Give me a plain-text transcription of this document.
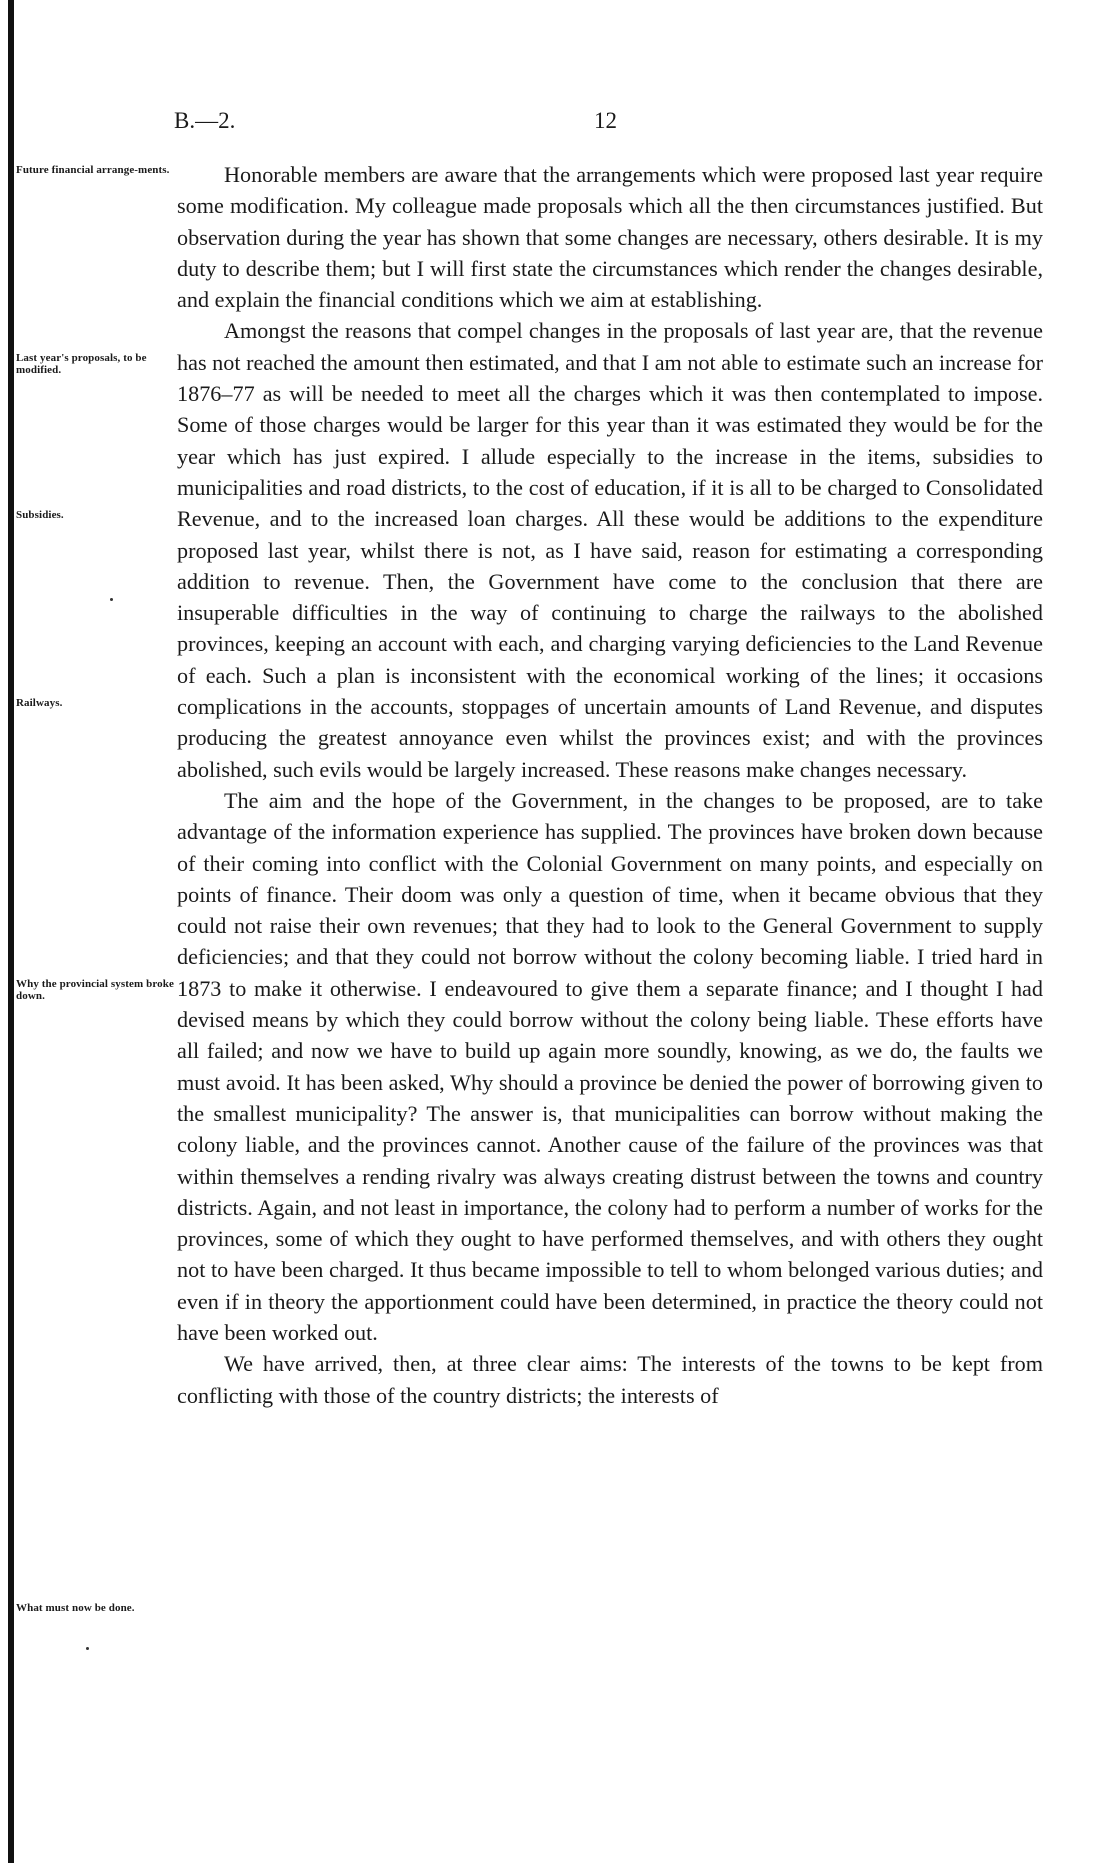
B.—2.	12
Future financial arrange-ments.
Last year's proposals, to be modified.
Subsidies.
Railways.
Why the provincial system broke down.
What must now be done.

Honorable members are aware that the arrangements which were proposed last year require some modification. My colleague made proposals which all the then circumstances justified. But observation during the year has shown that some changes are necessary, others desirable. It is my duty to describe them; but I will first state the circumstances which render the changes desirable, and explain the financial conditions which we aim at establishing.

Amongst the reasons that compel changes in the proposals of last year are, that the revenue has not reached the amount then estimated, and that I am not able to estimate such an increase for 1876–77 as will be needed to meet all the charges which it was then contemplated to impose. Some of those charges would be larger for this year than it was estimated they would be for the year which has just expired. I allude especially to the increase in the items, subsidies to municipalities and road districts, to the cost of education, if it is all to be charged to Consolidated Revenue, and to the increased loan charges. All these would be additions to the expenditure proposed last year, whilst there is not, as I have said, reason for estimating a corresponding addition to revenue. Then, the Government have come to the conclusion that there are insuperable difficulties in the way of continuing to charge the railways to the abolished provinces, keeping an account with each, and charging varying deficiencies to the Land Revenue of each. Such a plan is inconsistent with the economical working of the lines; it occasions complications in the accounts, stoppages of uncertain amounts of Land Revenue, and disputes producing the greatest annoyance even whilst the provinces exist; and with the provinces abolished, such evils would be largely increased. These reasons make changes necessary.

The aim and the hope of the Government, in the changes to be proposed, are to take advantage of the information experience has supplied. The provinces have broken down because of their coming into conflict with the Colonial Government on many points, and especially on points of finance. Their doom was only a question of time, when it became obvious that they could not raise their own revenues; that they had to look to the General Government to supply deficiencies; and that they could not borrow without the colony becoming liable. I tried hard in 1873 to make it otherwise. I endeavoured to give them a separate finance; and I thought I had devised means by which they could borrow without the colony being liable. These efforts have all failed; and now we have to build up again more soundly, knowing, as we do, the faults we must avoid. It has been asked, Why should a province be denied the power of borrowing given to the smallest municipality? The answer is, that municipalities can borrow without making the colony liable, and the provinces cannot. Another cause of the failure of the provinces was that within themselves a rending rivalry was always creating distrust between the towns and country districts. Again, and not least in importance, the colony had to perform a number of works for the provinces, some of which they ought to have performed themselves, and with others they ought not to have been charged. It thus became impossible to tell to whom belonged various duties; and even if in theory the apportionment could have been determined, in practice the theory could not have been worked out.

We have arrived, then, at three clear aims: The interests of the towns to be kept from conflicting with those of the country districts; the interests of
